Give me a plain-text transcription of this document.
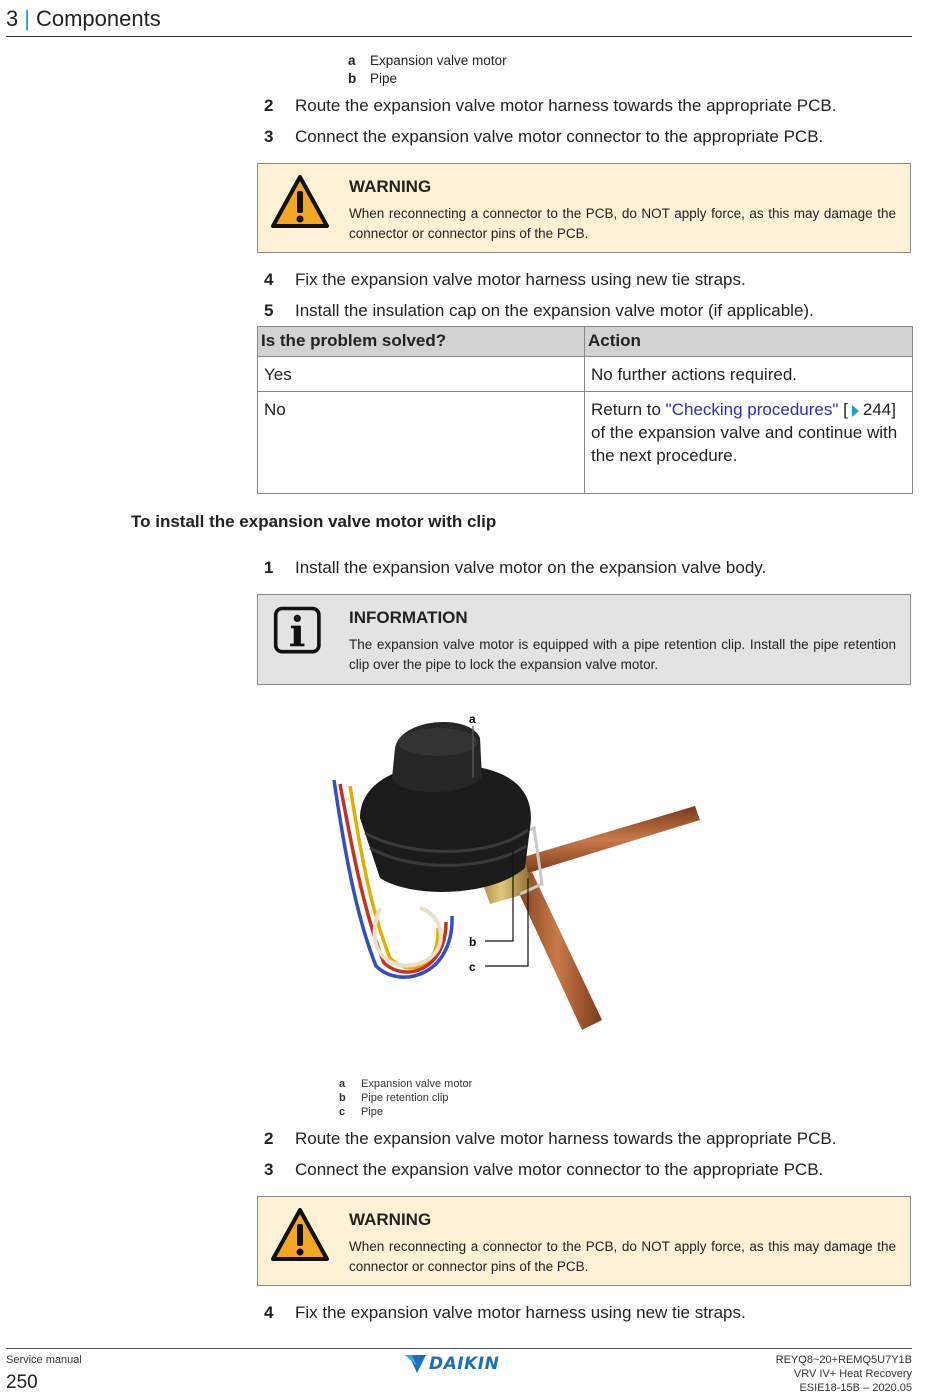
3 | Components
a	Expansion valve motor
b	Pipe
2	Route the expansion valve motor harness towards the appropriate PCB.
3	Connect the expansion valve motor connector to the appropriate PCB.
WARNING
When reconnecting a connector to the PCB, do NOT apply force, as this may damage the connector or connector pins of the PCB.
4	Fix the expansion valve motor harness using new tie straps.
5	Install the insulation cap on the expansion valve motor (if applicable).
Is the problem solved?	Action
Yes	No further actions required.
No	Return to "Checking procedures" [ 244] of the expansion valve and continue with the next procedure.
To install the expansion valve motor with clip
1	Install the expansion valve motor on the expansion valve body.
INFORMATION
The expansion valve motor is equipped with a pipe retention clip. Install the pipe retention clip over the pipe to lock the expansion valve motor.
a
b
c
a	Expansion valve motor
b	Pipe retention clip
c	Pipe
2	Route the expansion valve motor harness towards the appropriate PCB.
3	Connect the expansion valve motor connector to the appropriate PCB.
WARNING
When reconnecting a connector to the PCB, do NOT apply force, as this may damage the connector or connector pins of the PCB.
4	Fix the expansion valve motor harness using new tie straps.
Service manual
250
DAIKIN	REYQ8~20+REMQ5U7Y1B
VRV IV+ Heat Recovery
ESIE18-15B – 2020.05
